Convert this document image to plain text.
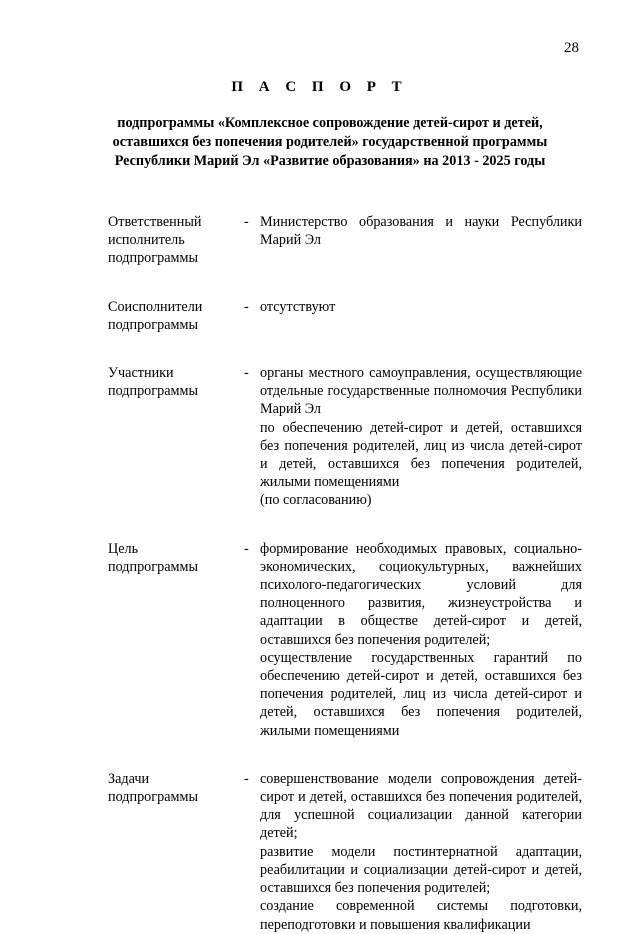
28
П А С П О Р Т
подпрограммы «Комплексное сопровождение детей-сирот и детей,
оставшихся без попечения родителей» государственной программы
Республики Марий Эл «Развитие образования» на 2013 - 2025 годы
Ответственный
исполнитель
подпрограммы
- Министерство образования и науки Республики Марий Эл

Соисполнители
подпрограммы
- отсутствуют

Участники
подпрограммы
- органы местного самоуправления, осуществляющие отдельные государственные полномочия Республики Марий Эл

по обеспечению детей-сирот и детей, оставшихся без попечения родителей, лиц из числа детей-сирот и детей, оставшихся без попечения родителей, жилыми помещениями

(по согласованию)

Цель
подпрограммы
- формирование необходимых правовых, социально-экономических, социокультурных, важнейших психолого-педагогических условий для полноценного развития, жизнеустройства и адаптации в обществе детей-сирот и детей, оставшихся без попечения родителей;

осуществление государственных гарантий по обеспечению детей-сирот и детей, оставшихся без попечения родителей, лиц из числа детей-сирот и детей, оставшихся без попечения родителей, жилыми помещениями

Задачи
подпрограммы
- совершенствование модели сопровождения детей-сирот и детей, оставшихся без попечения родителей, для успешной социализации данной категории детей;

развитие модели постинтернатной адаптации, реабилитации и социализации детей-сирот и детей, оставшихся без попечения родителей;

создание современной системы подготовки, переподготовки и повышения квалификации
